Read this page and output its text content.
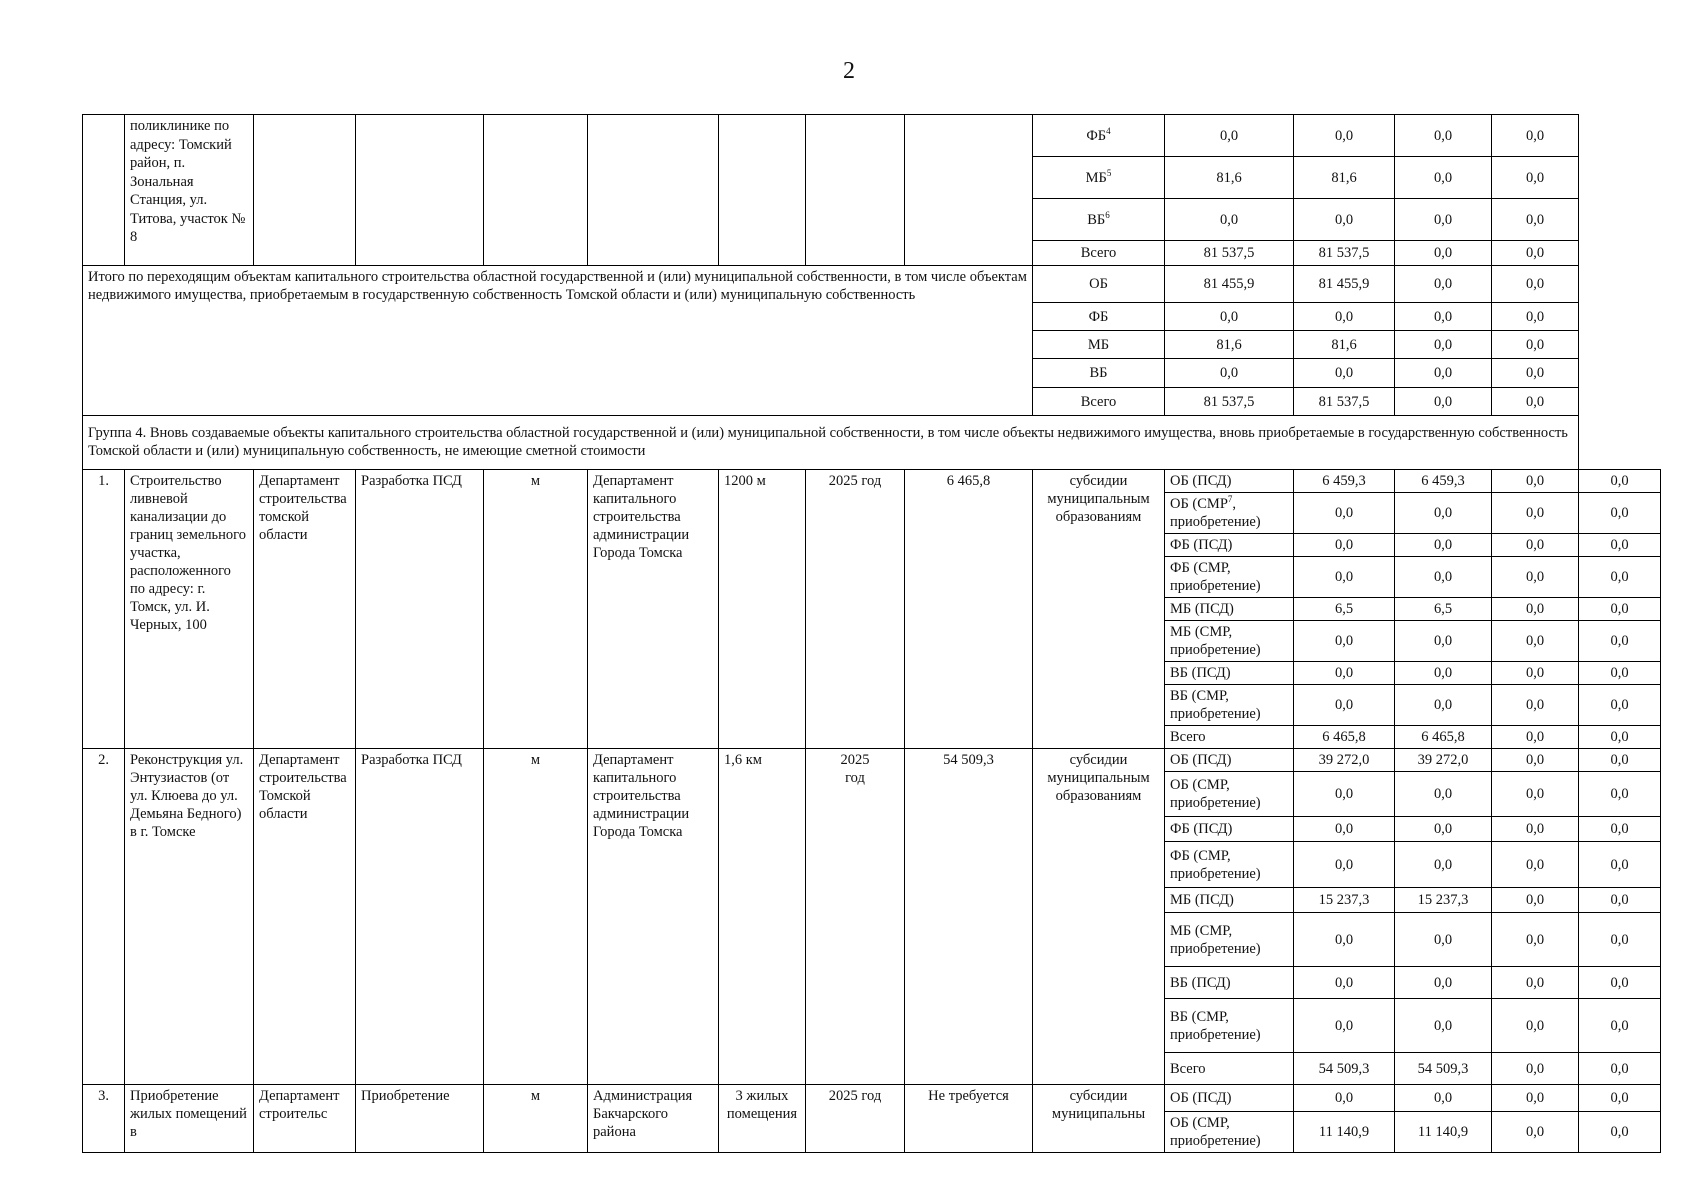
2
	поликлинике по адресу: Томский район, п. Зональная Станция, ул. Титова, участок № 8								$ФБ^4$	0,0	0,0	0,0	0,0	
									$МБ^5$	81,6	81,6	0,0	0,0	
									$ВБ^6$	0,0	0,0	0,0	0,0	
									Всего	81 537,5	81 537,5	0,0	0,0	
Итого по переходящим объектам капитального строительства областной государственной и (или) муниципальной собственности, в том числе объектам недвижимого имущества, приобретаемым в государственную собственность Томской области и (или) муниципальную собственность									ОБ	81 455,9	81 455,9	0,0	0,0	
									ФБ	0,0	0,0	0,0	0,0	
									МБ	81,6	81,6	0,0	0,0	
									ВБ	0,0	0,0	0,0	0,0	
									Всего	81 537,5	81 537,5	0,0	0,0	
Группа 4. Вновь создаваемые объекты капитального строительства областной государственной и (или) муниципальной собственности, в том числе объекты недвижимого имущества, вновь приобретаемые в государственную собственность Томской области и (или) муниципальную собственность, не имеющие сметной стоимости														
1.	Строительство ливневой канализации до границ земельного участка, расположенного по адресу: г. Томск, ул. И. Черных, 100	Департамент строительства томской области	Разработка ПСД	м	Департамент капитального строительства администрации Города Томска	1200 м	2025 год	6 465,8	субсидии муниципальным образованиям	ОБ (ПСД)	6 459,3	6 459,3	0,0	0,0
										ОБ (СМР$^7$, приобретение)	0,0	0,0	0,0	0,0
										ФБ (ПСД)	0,0	0,0	0,0	0,0
										ФБ (СМР, приобретение)	0,0	0,0	0,0	0,0
										МБ (ПСД)	6,5	6,5	0,0	0,0
										МБ (СМР, приобретение)	0,0	0,0	0,0	0,0
										ВБ (ПСД)	0,0	0,0	0,0	0,0
										ВБ (СМР, приобретение)	0,0	0,0	0,0	0,0
										Всего	6 465,8	6 465,8	0,0	0,0
2.	Реконструкция ул. Энтузиастов (от ул. Клюева до ул. Демьяна Бедного) в г. Томске	Департамент строительства Томской области	Разработка ПСД	м	Департамент капитального строительства администрации Города Томска	1,6 км	2025 год	54 509,3	субсидии муниципальным образованиям	ОБ (ПСД)	39 272,0	39 272,0	0,0	0,0
										ОБ (СМР, приобретение)	0,0	0,0	0,0	0,0
										ФБ (ПСД)	0,0	0,0	0,0	0,0
										ФБ (СМР, приобретение)	0,0	0,0	0,0	0,0
										МБ (ПСД)	15 237,3	15 237,3	0,0	0,0
										МБ (СМР, приобретение)	0,0	0,0	0,0	0,0
										ВБ (ПСД)	0,0	0,0	0,0	0,0
										ВБ (СМР, приобретение)	0,0	0,0	0,0	0,0
										Всего	54 509,3	54 509,3	0,0	0,0
3.	Приобретение жилых помещений в	Департамент строительс	Приобретение	м	Администрация Бакчарского района	3 жилых помещения	2025 год	Не требуется	субсидии муниципальны	ОБ (ПСД)	0,0	0,0	0,0	0,0
										ОБ (СМР, приобретение)	11 140,9	11 140,9	0,0	0,0
